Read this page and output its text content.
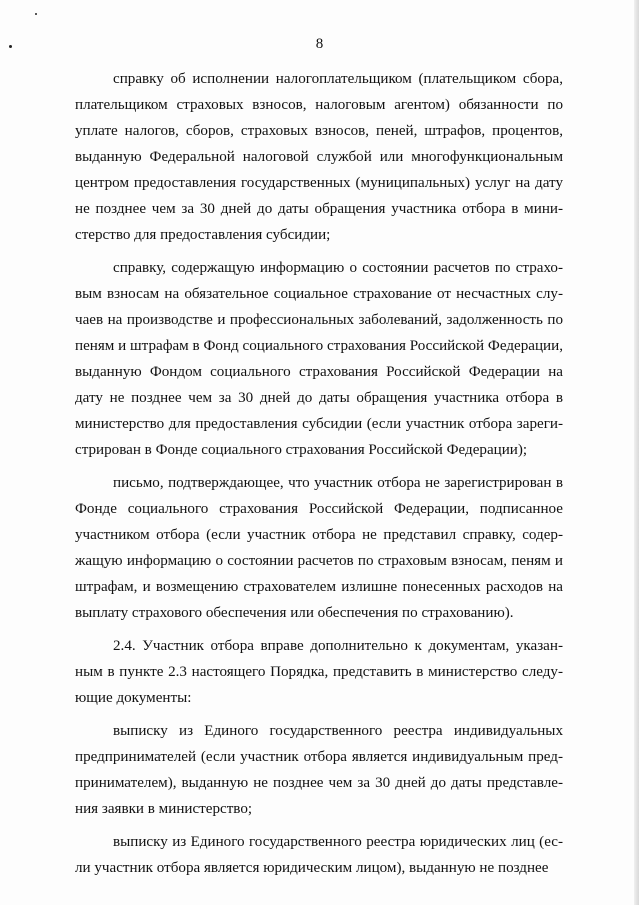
8

справку об исполнении налогоплательщиком (плательщиком сбора, плательщиком страховых взносов, налоговым агентом) обязанности по уплате налогов, сборов, страховых взносов, пеней, штрафов, процентов, выданную Федеральной налоговой службой или многофункциональным центром предоставления государственных (муниципальных) услуг на дату не позднее чем за 30 дней до даты обращения участника отбора в министерство для предоставления субсидии;

справку, содержащую информацию о состоянии расчетов по страховым взносам на обязательное социальное страхование от несчастных случаев на производстве и профессиональных заболеваний, задолженность по пеням и штрафам в Фонд социального страхования Российской Федерации, выданную Фондом социального страхования Российской Федерации на дату не позднее чем за 30 дней до даты обращения участника отбора в министерство для предоставления субсидии (если участник отбора зарегистрирован в Фонде социального страхования Российской Федерации);

письмо, подтверждающее, что участник отбора не зарегистрирован в Фонде социального страхования Российской Федерации, подписанное участником отбора (если участник отбора не представил справку, содержащую информацию о состоянии расчетов по страховым взносам, пеням и штрафам, и возмещению страхователем излишне понесенных расходов на выплату страхового обеспечения или обеспечения по страхованию).

2.4. Участник отбора вправе дополнительно к документам, указанным в пункте 2.3 настоящего Порядка, представить в министерство следующие документы:

выписку из Единого государственного реестра индивидуальных предпринимателей (если участник отбора является индивидуальным предпринимателем), выданную не позднее чем за 30 дней до даты представления заявки в министерство;

выписку из Единого государственного реестра юридических лиц (если участник отбора является юридическим лицом), выданную не позднее
